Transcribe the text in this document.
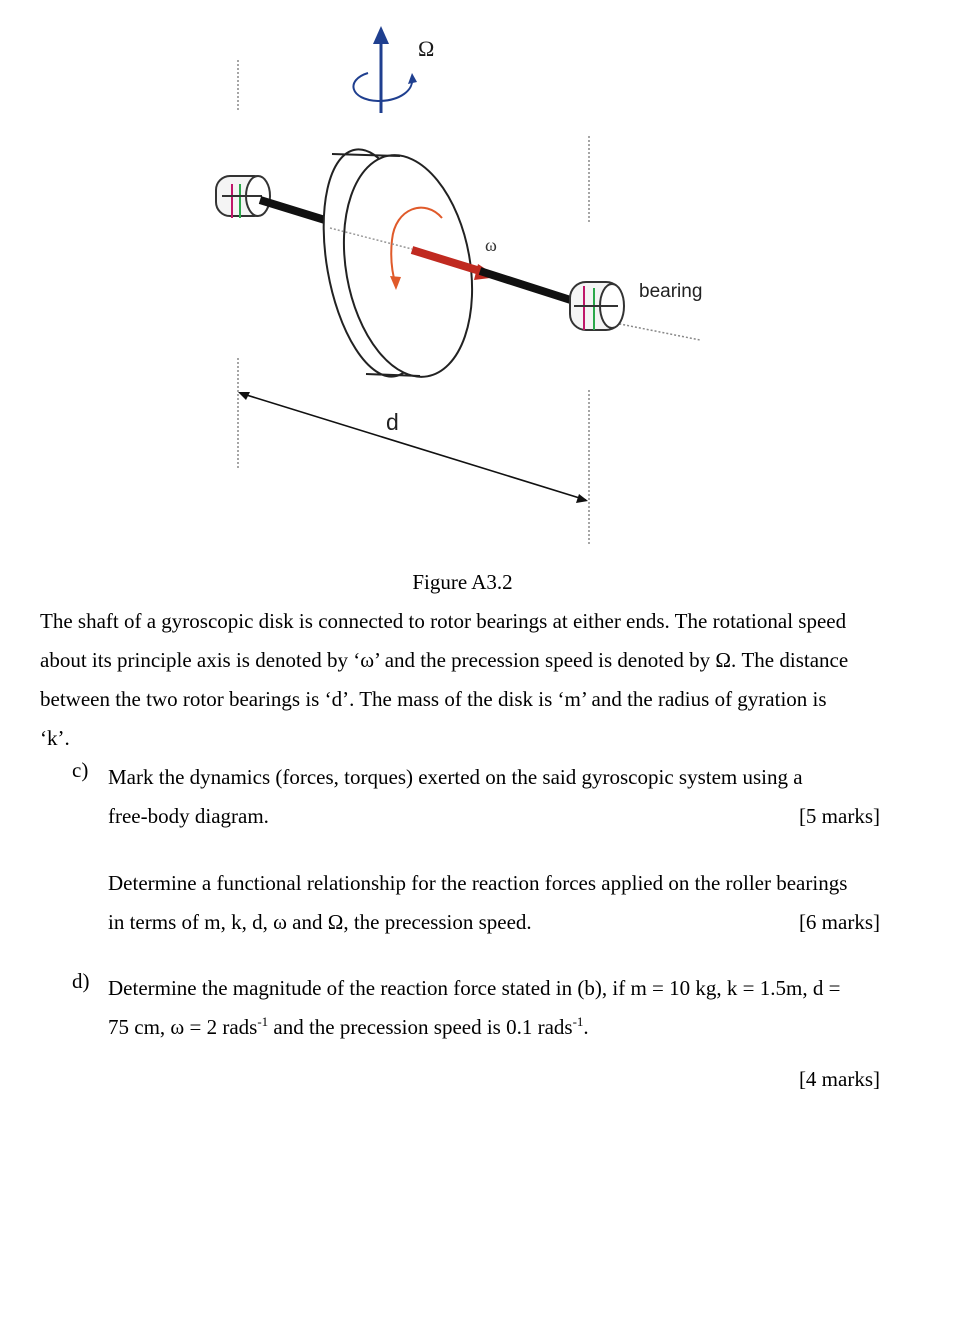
Ω
ω
bearing
d
Figure A3.2
The shaft of a gyroscopic disk is connected to rotor bearings at either ends. The rotational speed
about its principle axis is denoted by ‘ω’ and the precession speed is denoted by Ω. The distance
between the two rotor bearings is ‘d’. The mass of the disk is ‘m’ and the radius of gyration is
‘k’.
c) Mark the dynamics (forces, torques) exerted on the said gyroscopic system using a
free-body diagram.	[5 marks]
Determine a functional relationship for the reaction forces applied on the roller bearings
in terms of m, k, d, ω and Ω, the precession speed.	[6 marks]
d) Determine the magnitude of the reaction force stated in (b), if m = 10 kg, k = 1.5m, d =
75 cm, ω = 2 rads$^{-1}$ and the precession speed is 0.1 rads$^{-1}$.
[4 marks]
